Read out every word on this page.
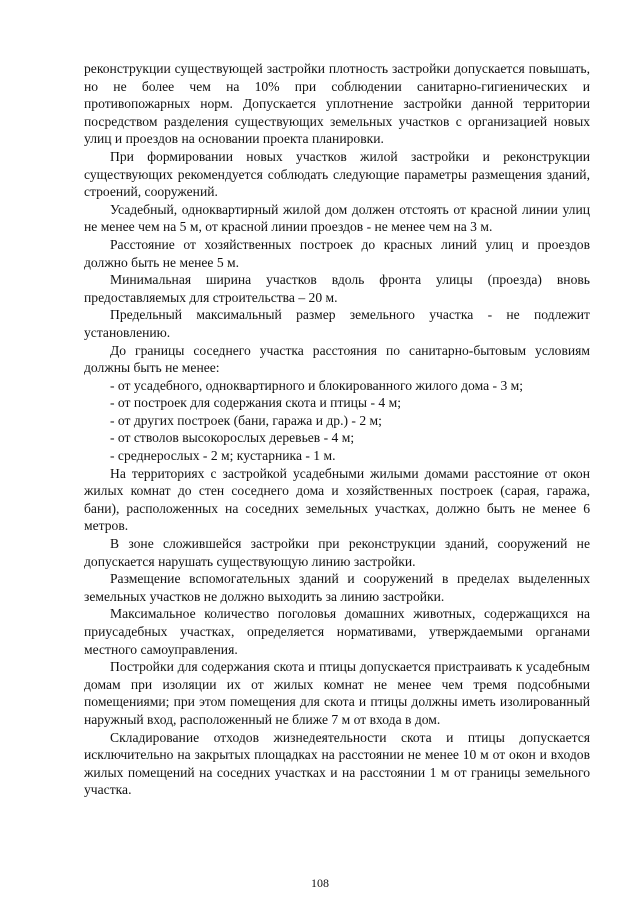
реконструкции существующей застройки плотность застройки допускается повышать, но не более чем на 10% при соблюдении санитарно-гигиенических и противопожарных норм. Допускается уплотнение застройки данной территории посредством разделения существующих земельных участков с организацией новых улиц и проездов на основании проекта планировки.

При формировании новых участков жилой застройки и реконструкции существующих рекомендуется соблюдать следующие параметры размещения зданий, строений, сооружений.

Усадебный, одноквартирный жилой дом должен отстоять от красной линии улиц не менее чем на 5 м, от красной линии проездов - не менее чем на 3 м.

Расстояние от хозяйственных построек до красных линий улиц и проездов должно быть не менее 5 м.

Минимальная ширина участков вдоль фронта улицы (проезда) вновь предоставляемых для строительства – 20 м.

Предельный максимальный размер земельного участка - не подлежит установлению.

До границы соседнего участка расстояния по санитарно-бытовым условиям должны быть не менее:

- от усадебного, одноквартирного и блокированного жилого дома - 3 м;
- от построек для содержания скота и птицы - 4 м;
- от других построек (бани, гаража и др.) - 2 м;
- от стволов высокорослых деревьев - 4 м;
- среднерослых - 2 м; кустарника - 1 м.

На территориях с застройкой усадебными жилыми домами расстояние от окон жилых комнат до стен соседнего дома и хозяйственных построек (сарая, гаража, бани), расположенных на соседних земельных участках, должно быть не менее 6 метров.

В зоне сложившейся застройки при реконструкции зданий, сооружений не допускается нарушать существующую линию застройки.

Размещение вспомогательных зданий и сооружений в пределах выделенных земельных участков не должно выходить за линию застройки.

Максимальное количество поголовья домашних животных, содержащихся на приусадебных участках, определяется нормативами, утверждаемыми органами местного самоуправления.

Постройки для содержания скота и птицы допускается пристраивать к усадебным домам при изоляции их от жилых комнат не менее чем тремя подсобными помещениями; при этом помещения для скота и птицы должны иметь изолированный наружный вход, расположенный не ближе 7 м от входа в дом.

Складирование отходов жизнедеятельности скота и птицы допускается исключительно на закрытых площадках на расстоянии не менее 10 м от окон и входов жилых помещений на соседних участках и на расстоянии 1 м от границы земельного участка.

108
